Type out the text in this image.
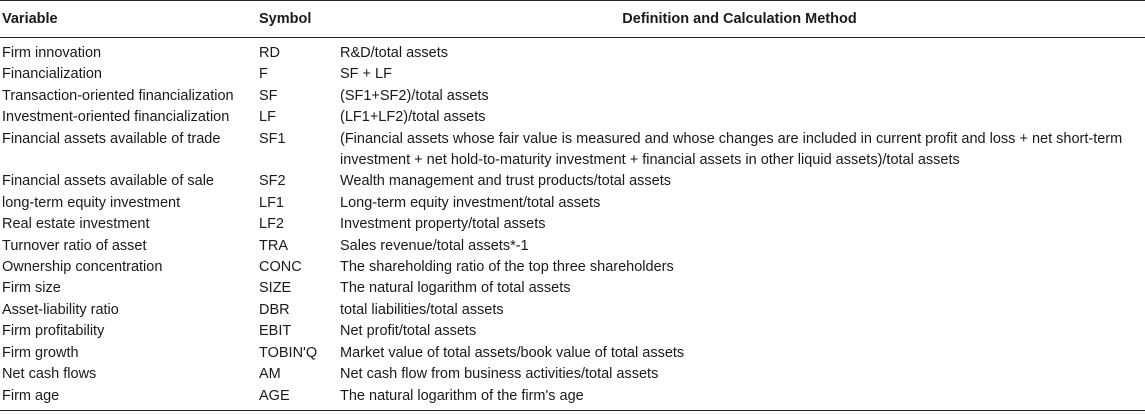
Variable	Symbol	Definition and Calculation Method
Firm innovation	RD	R&D/total assets
Financialization	F	SF + LF
Transaction-oriented financialization	SF	(SF1+SF2)/total assets
Investment-oriented financialization	LF	(LF1+LF2)/total assets
Financial assets available of trade	SF1	(Financial assets whose fair value is measured and whose changes are included in current profit and loss + net short-term investment + net hold-to-maturity investment + financial assets in other liquid assets)/total assets
Financial assets available of sale	SF2	Wealth management and trust products/total assets
long-term equity investment	LF1	Long-term equity investment/total assets
Real estate investment	LF2	Investment property/total assets
Turnover ratio of asset	TRA	Sales revenue/total assets*-1
Ownership concentration	CONC	The shareholding ratio of the top three shareholders
Firm size	SIZE	The natural logarithm of total assets
Asset-liability ratio	DBR	total liabilities/total assets
Firm profitability	EBIT	Net profit/total assets
Firm growth	TOBIN'Q	Market value of total assets/book value of total assets
Net cash flows	AM	Net cash flow from business activities/total assets
Firm age	AGE	The natural logarithm of the firm's age
